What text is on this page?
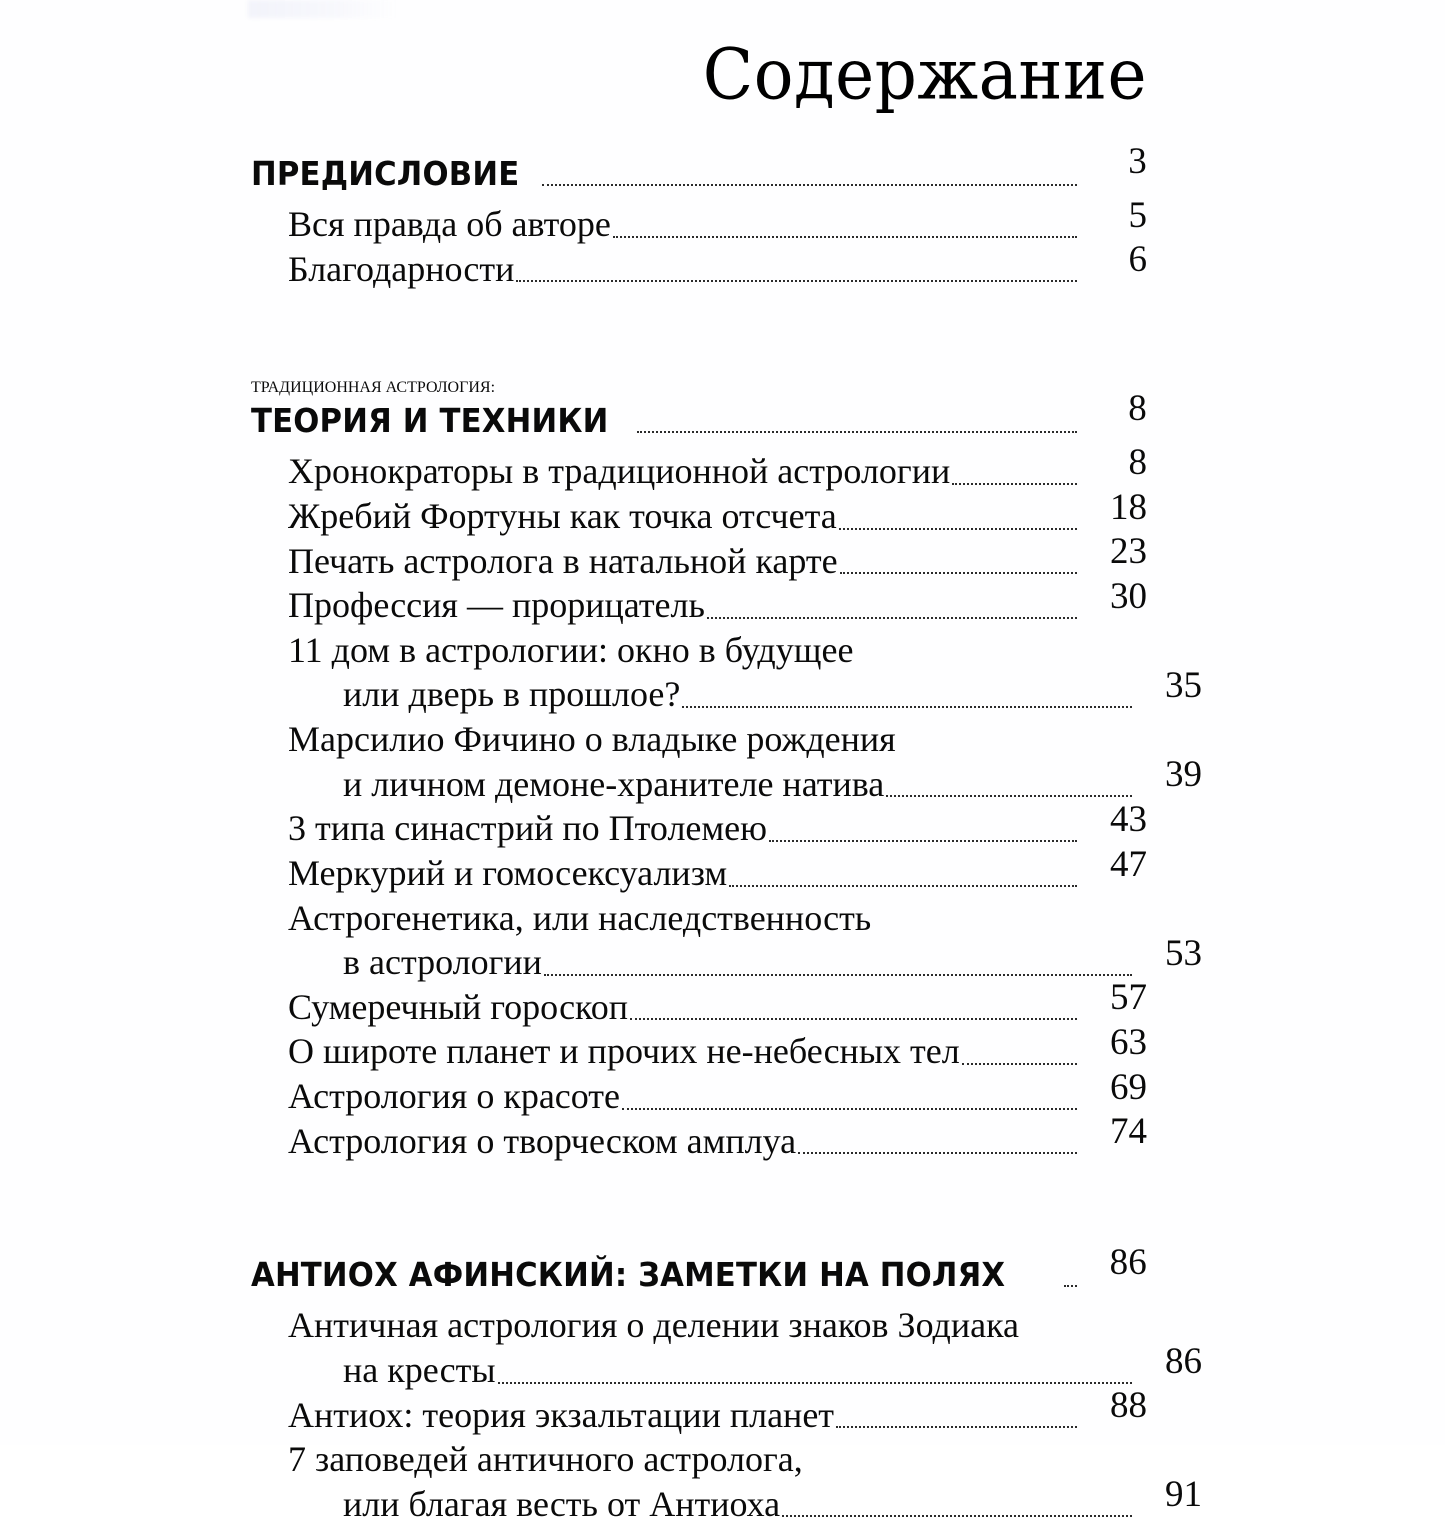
Содержание
ПРЕДИСЛОВИЕ	3
Вся правда об авторе	5
Благодарности	6
ТРАДИЦИОННАЯ АСТРОЛОГИЯ:
ТЕОРИЯ И ТЕХНИКИ	8
Хронократоры в традиционной астрологии	8
Жребий Фортуны как точка отсчета	18
Печать астролога в натальной карте	23
Профессия — прорицатель	30
11 дом в астрологии: окно в будущее
или дверь в прошлое?	35
Марсилио Фичино о владыке рождения
и личном демоне-хранителе натива	39
3 типа синастрий по Птолемею	43
Меркурий и гомосексуализм	47
Астрогенетика, или наследственность
в астрологии	53
Сумеречный гороскоп	57
О широте планет и прочих не-небесных тел	63
Астрология о красоте	69
Астрология о творческом амплуа	74
АНТИОХ АФИНСКИЙ: ЗАМЕТКИ НА ПОЛЯХ	86
Античная астрология о делении знаков Зодиака
на кресты	86
Антиох: теория экзальтации планет	88
7 заповедей античного астролога,
или благая весть от Антиоха	91
